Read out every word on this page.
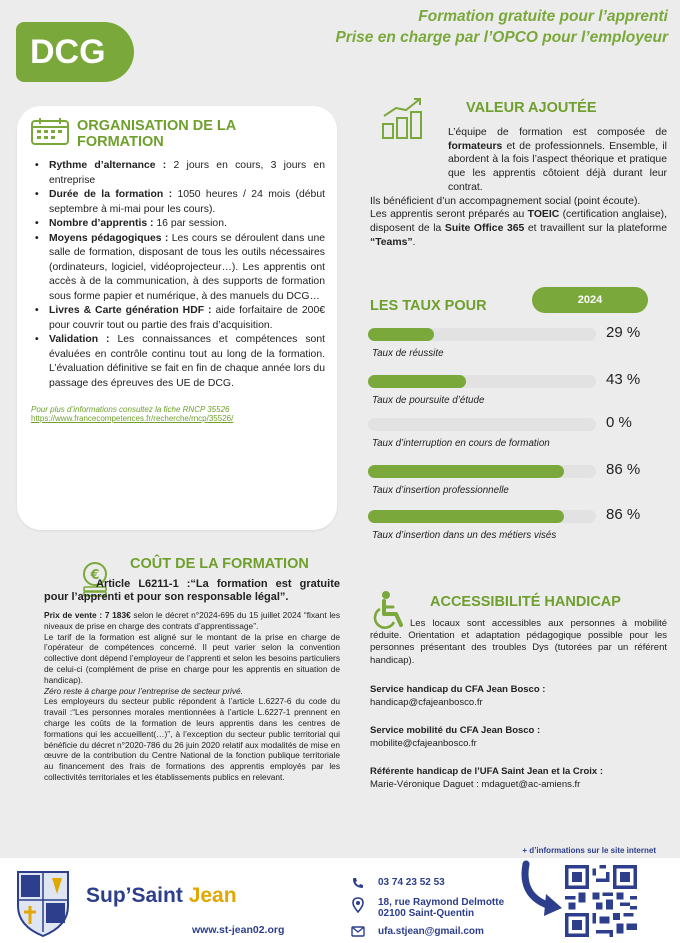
DCG
Formation gratuite pour l’apprenti
Prise en charge par l’OPCO pour l’employeur
ORGANISATION DE LA FORMATION
• Rythme d’alternance : 2 jours en cours, 3 jours en entreprise
• Durée de la formation : 1050 heures / 24 mois (début septembre à mi-mai pour les cours).
• Nombre d’apprentis : 16 par session.
• Moyens pédagogiques : Les cours se déroulent dans une salle de formation, disposant de tous les outils nécessaires (ordinateurs, logiciel, vidéoprojecteur…). Les apprentis ont accès à de la communication, à des supports de formation sous forme papier et numérique, à des manuels du DCG…
• Livres & Carte génération HDF : aide forfaitaire de 200€ pour couvrir tout ou partie des frais d’acquisition.
• Validation : Les connaissances et compétences sont évaluées en contrôle continu tout au long de la formation. L’évaluation définitive se fait en fin de chaque année lors du passage des épreuves des UE de DCG.
Pour plus d’informations consultez la fiche RNCP 35526
https://www.francecompetences.fr/recherche/rncp/35526/
VALEUR AJOUTÉE

L’équipe de formation est composée de formateurs et de professionnels. Ensemble, il abordent à la fois l’aspect théorique et pratique que les apprentis côtoient déjà durant leur contrat.

Ils bénéficient d’un accompagnement social (point écoute).

Les apprentis seront préparés au TOEIC (certification anglaise), disposent de la Suite Office 365 et travaillent sur la plateforme “Teams”.

LES TAUX POUR	2024
29 %
Taux de réussite
43 %
Taux de poursuite d’étude
0 %
Taux d’interruption en cours de formation
86 %
Taux d’insertion professionnelle
86 %
Taux d’insertion dans un des métiers visés
COÛT DE LA FORMATION
€
Article L6211-1 :“La formation est gratuite pour l’apprenti et pour son responsable légal”.

Prix de vente : 7 183€ selon le décret n°2024-695 du 15 juillet 2024 “fixant les niveaux de prise en charge des contrats d’apprentissage”.

Le tarif de la formation est aligné sur le montant de la prise en charge de l’opérateur de compétences concerné. Il peut varier selon la convention collective dont dépend l’employeur de l’apprenti et selon les besoins particuliers de celui-ci (complément de prise en charge pour les apprentis en situation de handicap).

Zéro reste à charge pour l’entreprise de secteur privé.

Les employeurs du secteur public répondent à l’article L.6227-6 du code du travail :“Les personnes morales mentionnées à l’article L.6227-1 prennent en charge les coûts de la formation de leurs apprentis dans les centres de formations qui les accueillent(…)”, à l’exception du secteur public territorial qui bénéficie du décret n°2020-786 du 26 juin 2020 relatif aux modalités de mise en œuvre de la contribution du Centre National de la fonction publique territoriale au financement des frais de formations des apprentis employés par les collectivités territoriales et les établissements publics en relevant.

ACCESSIBILITÉ HANDICAP
Les locaux sont accessibles aux personnes à mobilité réduite. Orientation et adaptation pédagogique possible pour les personnes présentant des troubles Dys (tutorées par un référent handicap).
Service handicap du CFA Jean Bosco :
handicap@cfajeanbosco.fr
Service mobilité du CFA Jean Bosco :
mobilite@cfajeanbosco.fr
Référente handicap de l’UFA Saint Jean et la Croix :
Marie-Véronique Daguet : mdaguet@ac-amiens.fr
+ d’informations sur le site internet
Sup’Saint Jean
www.st-jean02.org
03 74 23 52 53
18, rue Raymond Delmotte
02100 Saint-Quentin
ufa.stjean@gmail.com
